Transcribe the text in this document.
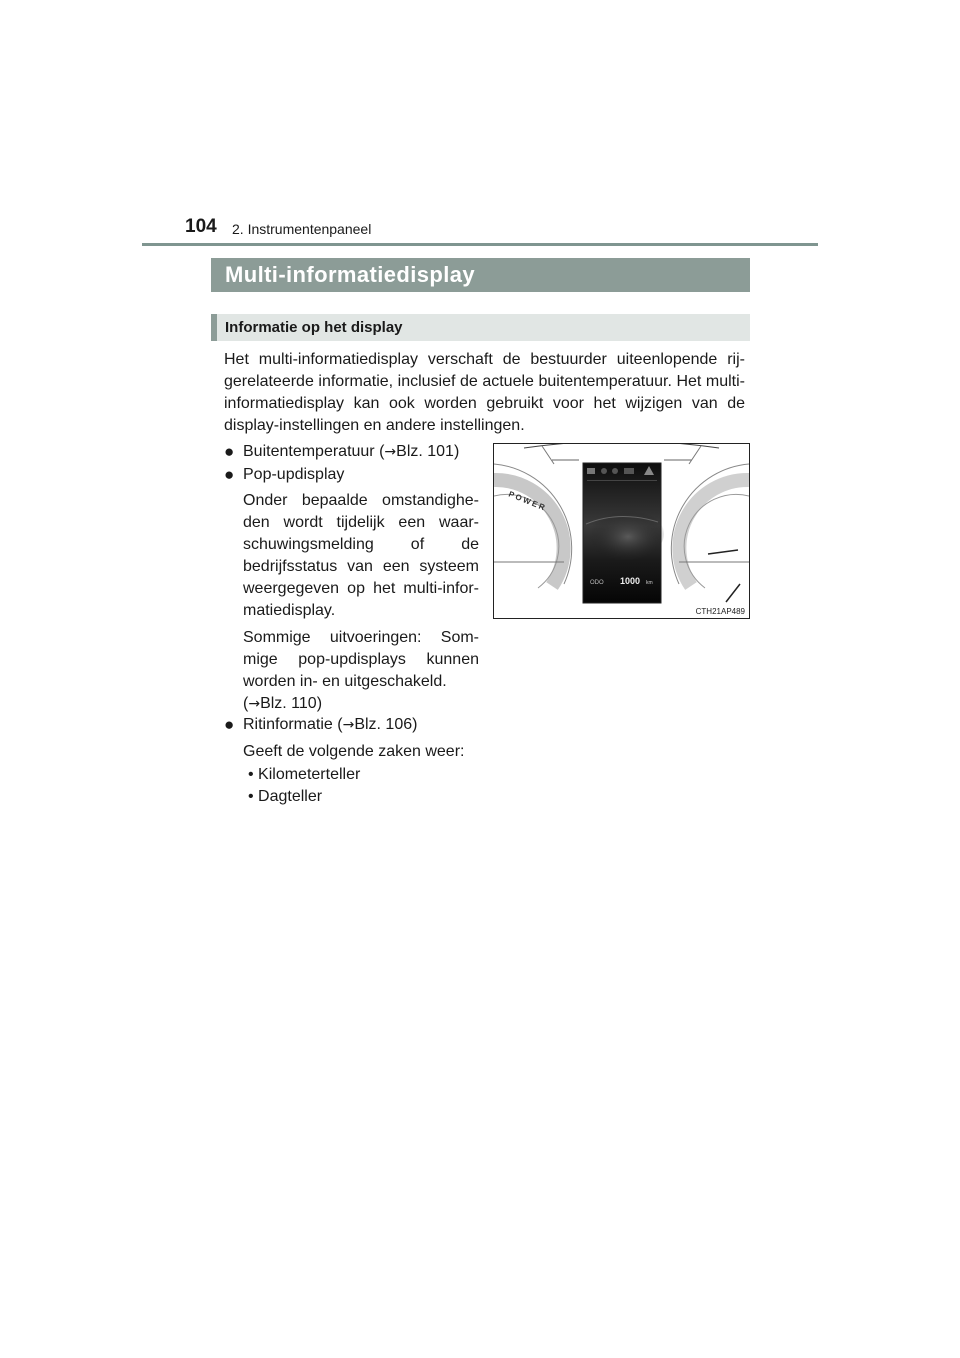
104 2. Instrumentenpaneel
Multi-informatiedisplay
Informatie op het display
Het multi-informatiedisplay verschaft de bestuurder uiteenlopende rij-gerelateerde informatie, inclusief de actuele buitentemperatuur. Het multi-informatiedisplay kan ook worden gebruikt voor het wijzigen van de display-instellingen en andere instellingen.
● Buitentemperatuur (→Blz. 101)
● Pop-updisplay
Onder bepaalde omstandighe-den wordt tijdelijk een waar-schuwingsmelding of de bedrijfsstatus van een systeem weergegeven op het multi-infor-matiedisplay.
Sommige uitvoeringen: Som-mige pop-updisplays kunnen worden in- en uitgeschakeld.
(→Blz. 110)
● Ritinformatie (→Blz. 106)
Geeft de volgende zaken weer:
• Kilometerteller
• Dagteller
POWER
ODO 1000 km
CTH21AP489
